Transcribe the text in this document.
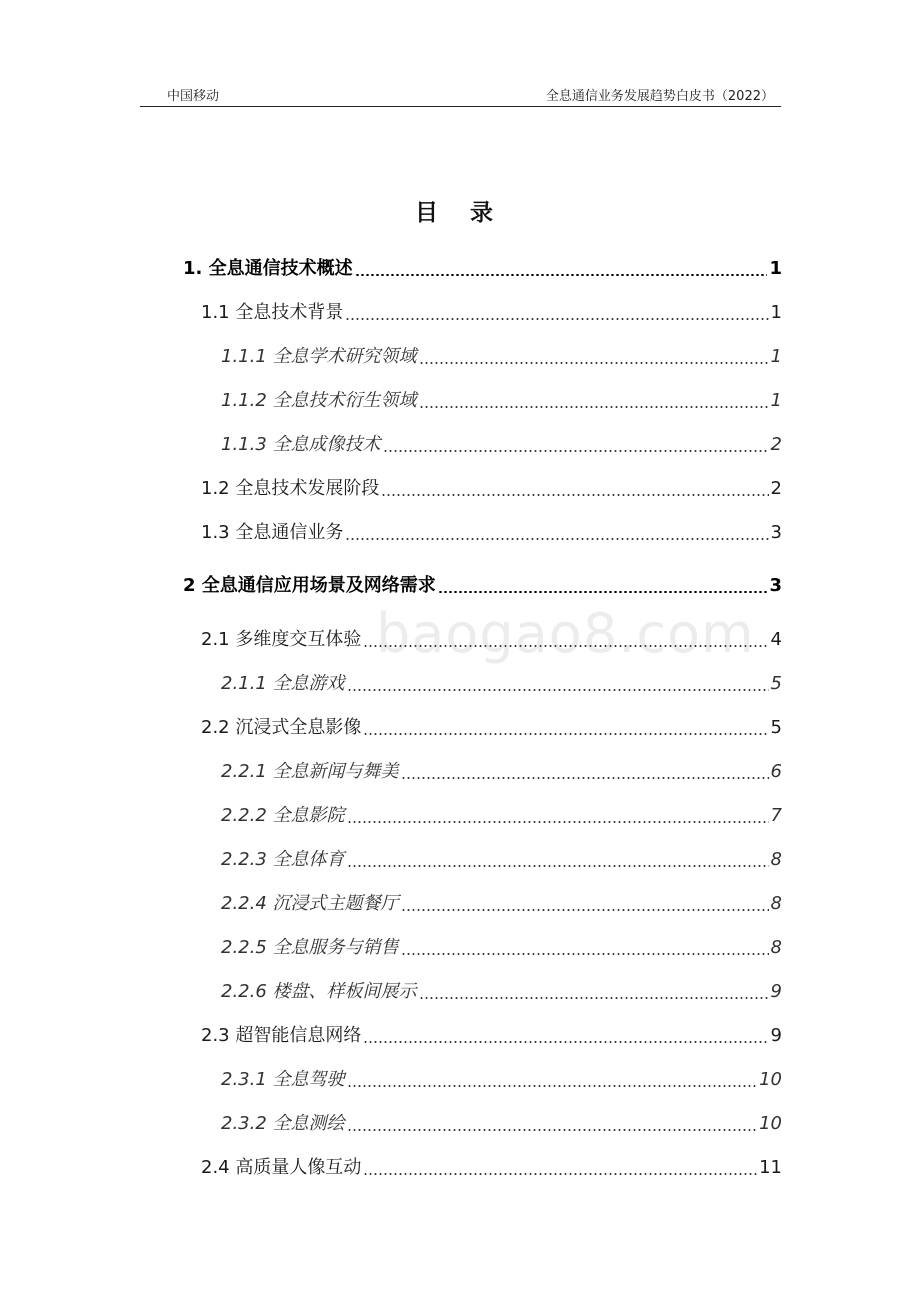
中国移动	全息通信业务发展趋势白皮书（2022）
目 录
1. 全息通信技术概述	1
1.1 全息技术背景	1
1.1.1 全息学术研究领域	1
1.1.2 全息技术衍生领域	1
1.1.3 全息成像技术	2
1.2 全息技术发展阶段	2
1.3 全息通信业务	3
2 全息通信应用场景及网络需求	3
2.1 多维度交互体验	4
2.1.1 全息游戏	5
2.2 沉浸式全息影像	5
2.2.1 全息新闻与舞美	6
2.2.2 全息影院	7
2.2.3 全息体育	8
2.2.4 沉浸式主题餐厅	8
2.2.5 全息服务与销售	8
2.2.6 楼盘、样板间展示	9
2.3 超智能信息网络	9
2.3.1 全息驾驶	10
2.3.2 全息测绘	10
2.4 高质量人像互动	11
baogao8.com
